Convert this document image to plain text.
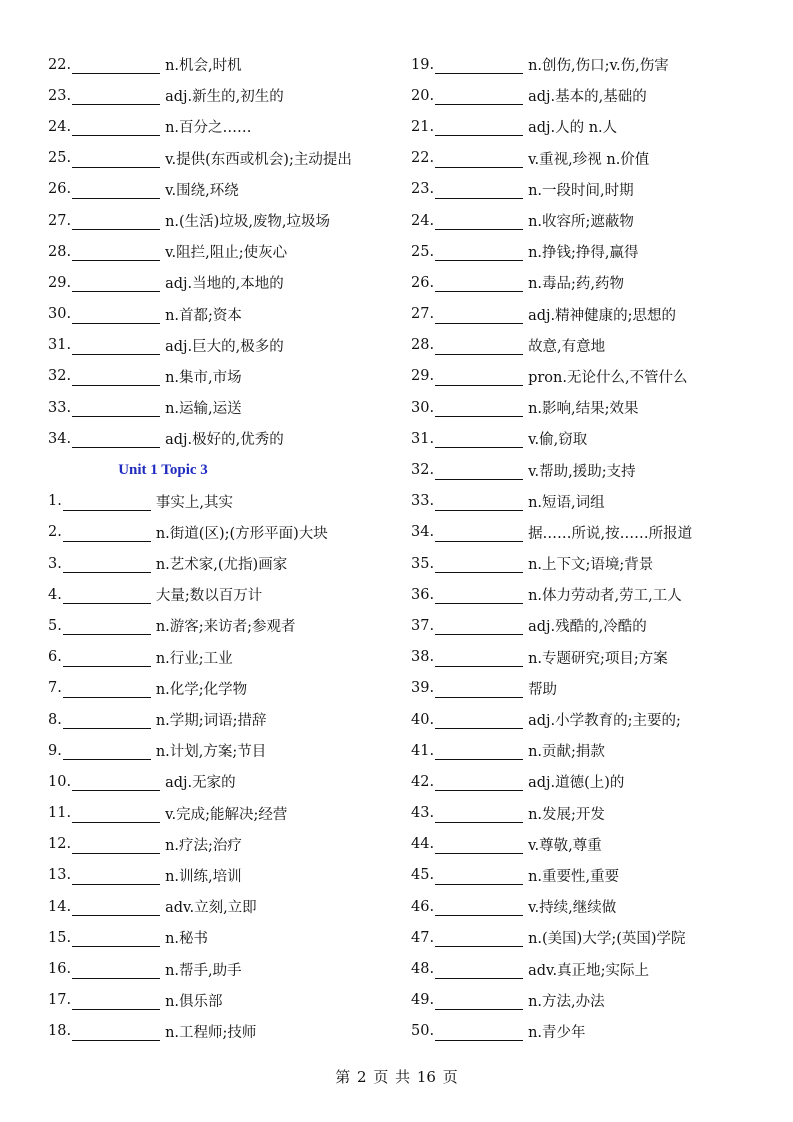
22.	n.机会,时机
23.	adj.新生的,初生的
24.	n.百分之……
25.	v.提供(东西或机会);主动提出
26.	v.围绕,环绕
27.	n.(生活)垃圾,废物,垃圾场
28.	v.阻拦,阻止;使灰心
29.	adj.当地的,本地的
30.	n.首都;资本
31.	adj.巨大的,极多的
32.	n.集市,市场
33.	n.运输,运送
34.	adj.极好的,优秀的
Unit 1 Topic 3
1.	事实上,其实
2.	n.街道(区);(方形平面)大块
3.	n.艺术家,(尤指)画家
4.	大量;数以百万计
5.	n.游客;来访者;参观者
6.	n.行业;工业
7.	n.化学;化学物
8.	n.学期;词语;措辞
9.	n.计划,方案;节目
10.	adj.无家的
11.	v.完成;能解决;经营
12.	n.疗法;治疗
13.	n.训练,培训
14.	adv.立刻,立即
15.	n.秘书
16.	n.帮手,助手
17.	n.俱乐部
18.	n.工程师;技师
19.	n.创伤,伤口;v.伤,伤害
20.	adj.基本的,基础的
21.	adj.人的 n.人
22.	v.重视,珍视 n.价值
23.	n.一段时间,时期
24.	n.收容所;遮蔽物
25.	n.挣钱;挣得,赢得
26.	n.毒品;药,药物
27.	adj.精神健康的;思想的
28.	故意,有意地
29.	pron.无论什么,不管什么
30.	n.影响,结果;效果
31.	v.偷,窃取
32.	v.帮助,援助;支持
33.	n.短语,词组
34.	据……所说,按……所报道
35.	n.上下文;语境;背景
36.	n.体力劳动者,劳工,工人
37.	adj.残酷的,冷酷的
38.	n.专题研究;项目;方案
39.	帮助
40.	adj.小学教育的;主要的;
41.	n.贡献;捐款
42.	adj.道德(上)的
43.	n.发展;开发
44.	v.尊敬,尊重
45.	n.重要性,重要
46.	v.持续,继续做
47.	n.(美国)大学;(英国)学院
48.	adv.真正地;实际上
49.	n.方法,办法
50.	n.青少年
第 2 页 共 16 页
